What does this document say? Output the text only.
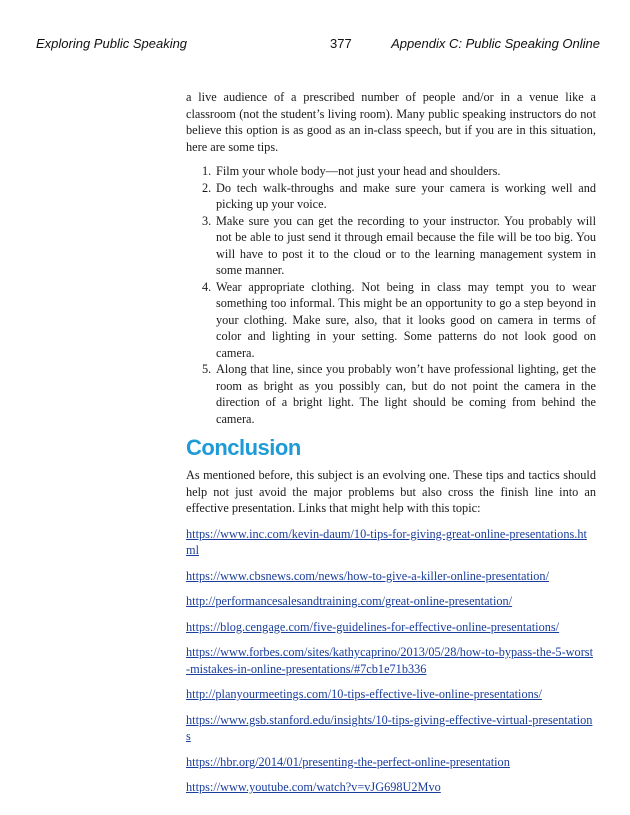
Exploring Public Speaking	377	Appendix C: Public Speaking Online

a live audience of a prescribed number of people and/or in a venue like a classroom (not the student’s living room). Many public speaking instructors do not believe this option is as good as an in-class speech, but if you are in this situation, here are some tips.

1. Film your whole body—not just your head and shoulders.
2. Do tech walk-throughs and make sure your camera is working well and picking up your voice.
3. Make sure you can get the recording to your instructor. You probably will not be able to just send it through email because the file will be too big. You will have to post it to the cloud or to the learning management system in some manner.
4. Wear appropriate clothing. Not being in class may tempt you to wear something too informal. This might be an opportunity to go a step beyond in your clothing. Make sure, also, that it looks good on camera in terms of color and lighting in your setting. Some patterns do not look good on camera.
5. Along that line, since you probably won’t have professional lighting, get the room as bright as you possibly can, but do not point the camera in the direction of a bright light. The light should be coming from behind the camera.
Conclusion

As mentioned before, this subject is an evolving one. These tips and tactics should help not just avoid the major problems but also cross the finish line into an effective presentation. Links that might help with this topic:

https://www.inc.com/kevin-daum/10-tips-for-giving-great-online-presentations.html
https://www.cbsnews.com/news/how-to-give-a-killer-online-presentation/
http://performancesalesandtraining.com/great-online-presentation/
https://blog.cengage.com/five-guidelines-for-effective-online-presentations/
https://www.forbes.com/sites/kathycaprino/2013/05/28/how-to-bypass-the-5-worst-mistakes-in-online-presentations/#7cb1e71b336
http://planyourmeetings.com/10-tips-effective-live-online-presentations/
https://www.gsb.stanford.edu/insights/10-tips-giving-effective-virtual-presentations
https://hbr.org/2014/01/presenting-the-perfect-online-presentation
https://www.youtube.com/watch?v=vJG698U2Mvo
